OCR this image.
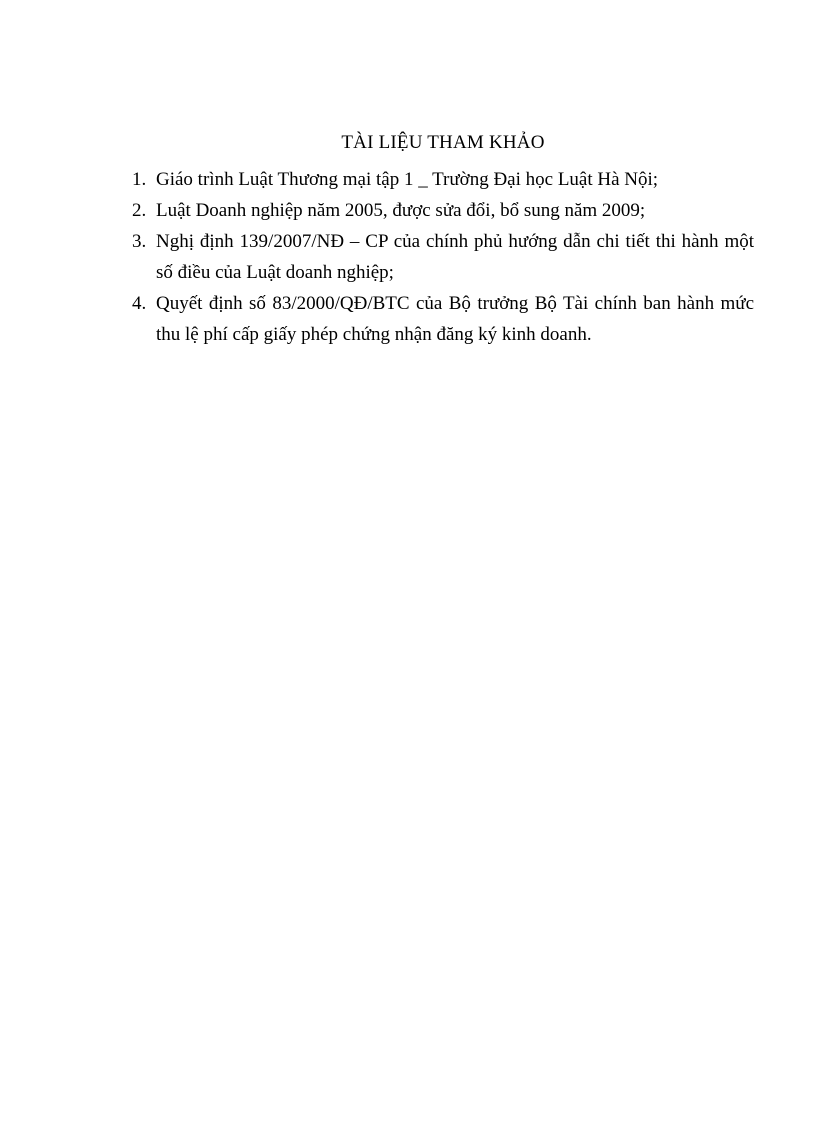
TÀI LIỆU THAM KHẢO
1. Giáo trình Luật Thương mại tập 1 _ Trường Đại học Luật Hà Nội;
2. Luật Doanh nghiệp năm 2005, được sửa đổi, bổ sung năm 2009;
3. Nghị định 139/2007/NĐ – CP của chính phủ hướng dẫn chi tiết thi hành một số điều của Luật doanh nghiệp;
4. Quyết định số 83/2000/QĐ/BTC của Bộ trưởng Bộ Tài chính ban hành mức thu lệ phí cấp giấy phép chứng nhận đăng ký kinh doanh.
